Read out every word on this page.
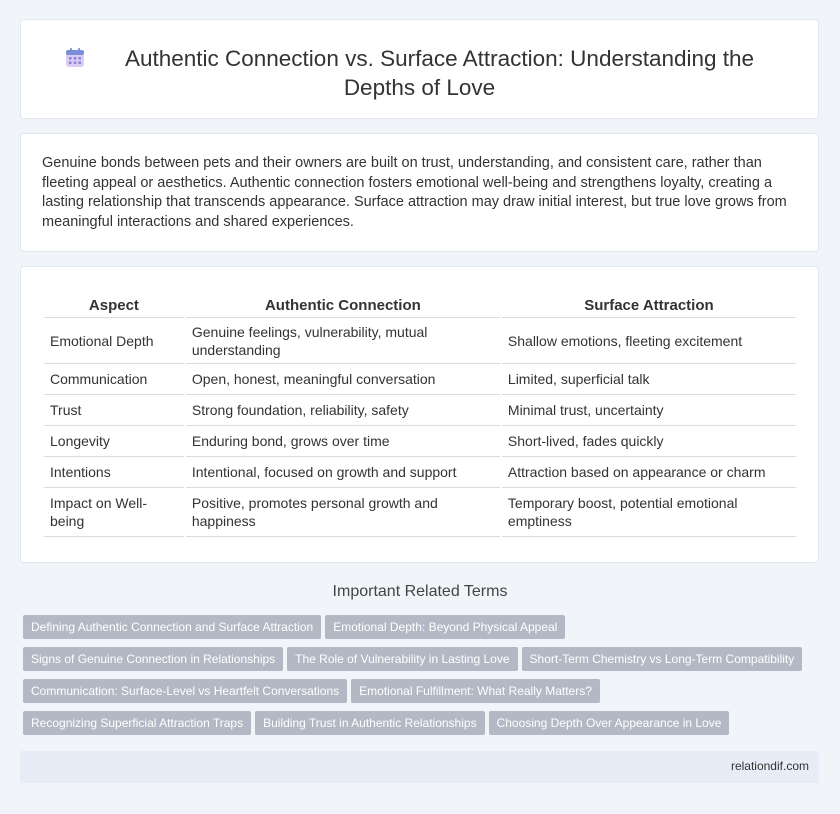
Authentic Connection vs. Surface Attraction: Understanding the
Depths of Love

Genuine bonds between pets and their owners are built on trust, understanding, and consistent care, rather than fleeting appeal or aesthetics. Authentic connection fosters emotional well-being and strengthens loyalty, creating a lasting relationship that transcends appearance. Surface attraction may draw initial interest, but true love grows from meaningful interactions and shared experiences.

Aspect	Authentic Connection	Surface Attraction
Emotional Depth	Genuine feelings, vulnerability, mutual understanding	Shallow emotions, fleeting excitement
Communication	Open, honest, meaningful conversation	Limited, superficial talk
Trust	Strong foundation, reliability, safety	Minimal trust, uncertainty
Longevity	Enduring bond, grows over time	Short-lived, fades quickly
Intentions	Intentional, focused on growth and support	Attraction based on appearance or charm
Impact on Well-being	Positive, promotes personal growth and happiness	Temporary boost, potential emotional emptiness
Important Related Terms
Defining Authentic Connection and Surface Attraction Emotional Depth: Beyond Physical Appeal
Signs of Genuine Connection in Relationships The Role of Vulnerability in Lasting Love Short-Term Chemistry vs Long-Term Compatibility
Communication: Surface-Level vs Heartfelt Conversations Emotional Fulfillment: What Really Matters?
Recognizing Superficial Attraction Traps Building Trust in Authentic Relationships Choosing Depth Over Appearance in Love
relationdif.com
